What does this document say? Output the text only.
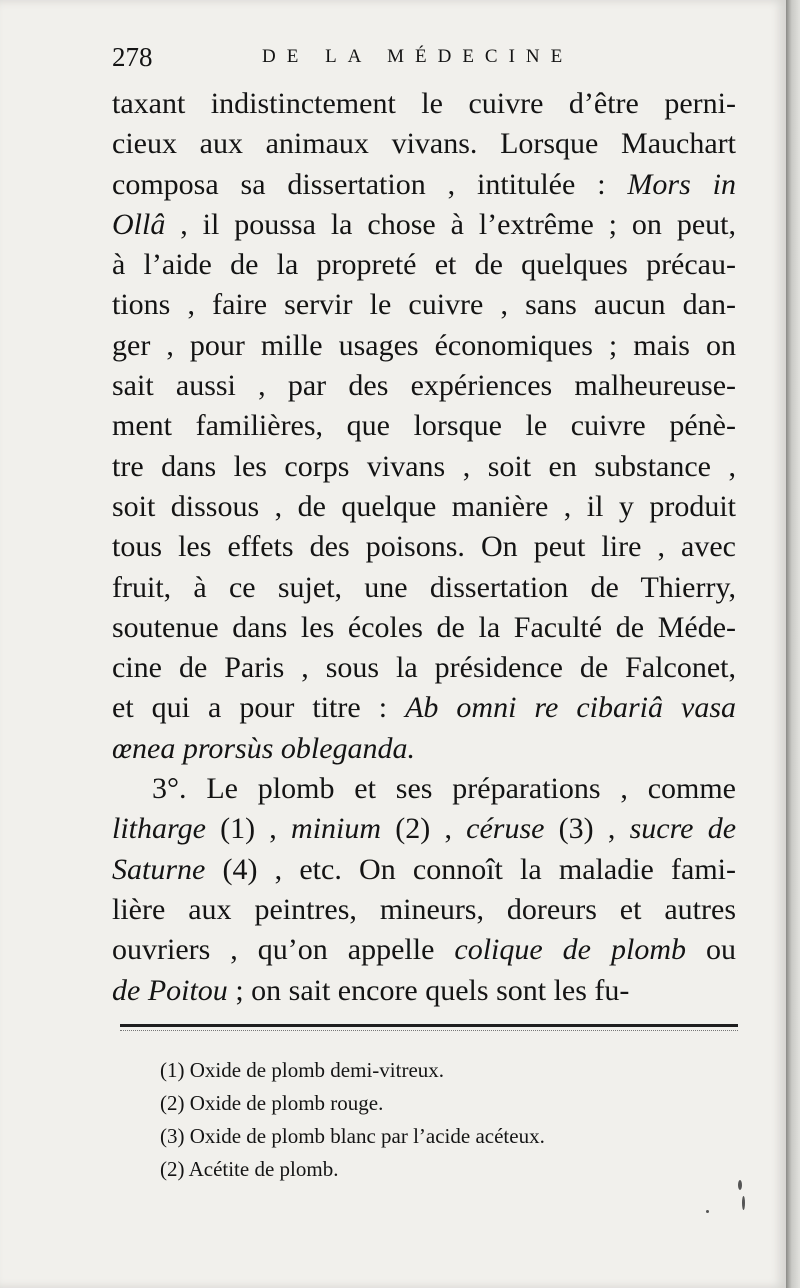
278	DE LA MÉDECINE
taxant indistinctement le cuivre d’être perni-
cieux aux animaux vivans. Lorsque Mauchart
composa sa dissertation , intitulée : Mors in
Ollâ , il poussa la chose à l’extrême ; on peut,
à l’aide de la propreté et de quelques précau-
tions , faire servir le cuivre , sans aucun dan-
ger , pour mille usages économiques ; mais on
sait aussi , par des expériences malheureuse-
ment familières, que lorsque le cuivre pénè-
tre dans les corps vivans , soit en substance ,
soit dissous , de quelque manière , il y produit
tous les effets des poisons. On peut lire , avec
fruit, à ce sujet, une dissertation de Thierry,
soutenue dans les écoles de la Faculté de Méde-
cine de Paris , sous la présidence de Falconet,
et qui a pour titre : Ab omni re cibariâ vasa
œnea prorsùs obleganda.
3°. Le plomb et ses préparations , comme
litharge (1) , minium (2) , céruse (3) , sucre de
Saturne (4) , etc. On connoît la maladie fami-
lière aux peintres, mineurs, doreurs et autres
ouvriers , qu’on appelle colique de plomb ou
de Poitou ; on sait encore quels sont les fu-
(1) Oxide de plomb demi-vitreux.
(2) Oxide de plomb rouge.
(3) Oxide de plomb blanc par l’acide acéteux.
(2) Acétite de plomb.
